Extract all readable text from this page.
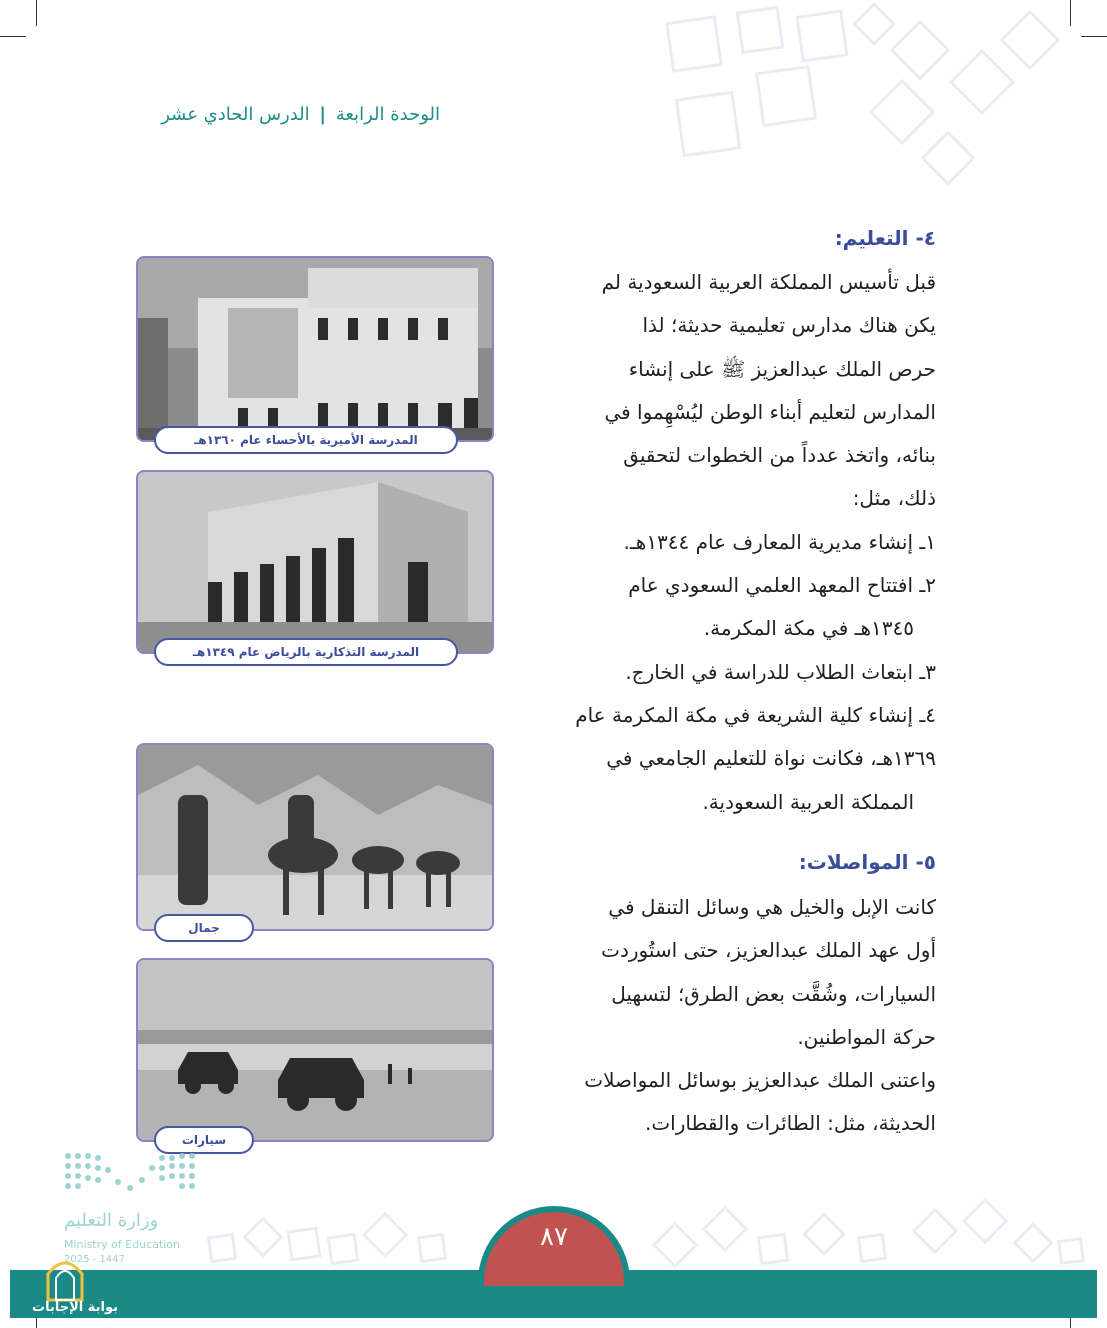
الوحدة الرابعة | الدرس الحادي عشر
٤- التعليم:

قبل تأسيس المملكة العربية السعودية لم

يكن هناك مدارس تعليمية حديثة؛ لذا

حرص الملك عبدالعزيز ﷺ على إنشاء

المدارس لتعليم أبناء الوطن ليُسْهِموا في

بنائه، واتخذ عدداً من الخطوات لتحقيق

ذلك، مثل:

١ـ إنشاء مديرية المعارف عام ١٣٤٤هـ.

٢ـ افتتاح المعهد العلمي السعودي عام

١٣٤٥هـ في مكة المكرمة.

٣ـ ابتعاث الطلاب للدراسة في الخارج.

٤ـ إنشاء كلية الشريعة في مكة المكرمة عام

١٣٦٩هـ، فكانت نواة للتعليم الجامعي في

المملكة العربية السعودية.

٥- المواصلات:

كانت الإبل والخيل هي وسائل التنقل في

أول عهد الملك عبدالعزيز، حتى استُوردت

السيارات، وشُقَّت بعض الطرق؛ لتسهيل

حركة المواطنين.

واعتنى الملك عبدالعزيز بوسائل المواصلات

الحديثة، مثل: الطائرات والقطارات.

المدرسة الأميرية بالأحساء عام ١٣٦٠هـ
المدرسة التذكارية بالرياض عام ١٣٤٩هـ
جمال
سيارات
وزارة التعليم
Ministry of Education
2025 - 1447
٨٧
بوابة الإجابات
